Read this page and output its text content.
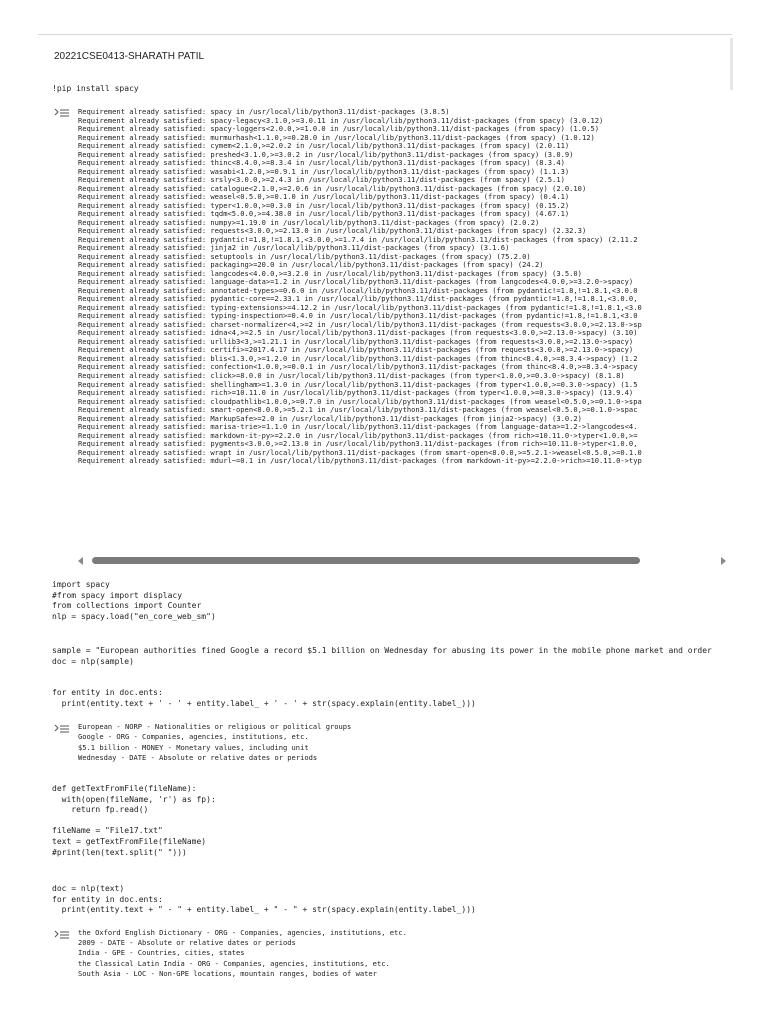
20221CSE0413-SHARATH PATIL
!pip install spacy
Requirement already satisfied: spacy in /usr/local/lib/python3.11/dist-packages (3.8.5)
Requirement already satisfied: spacy-legacy<3.1.0,>=3.0.11 in /usr/local/lib/python3.11/dist-packages (from spacy) (3.0.12)
Requirement already satisfied: spacy-loggers<2.0.0,>=1.0.0 in /usr/local/lib/python3.11/dist-packages (from spacy) (1.0.5)
Requirement already satisfied: murmurhash<1.1.0,>=0.28.0 in /usr/local/lib/python3.11/dist-packages (from spacy) (1.0.12)
Requirement already satisfied: cymem<2.1.0,>=2.0.2 in /usr/local/lib/python3.11/dist-packages (from spacy) (2.0.11)
Requirement already satisfied: preshed<3.1.0,>=3.0.2 in /usr/local/lib/python3.11/dist-packages (from spacy) (3.0.9)
Requirement already satisfied: thinc<8.4.0,>=8.3.4 in /usr/local/lib/python3.11/dist-packages (from spacy) (8.3.4)
Requirement already satisfied: wasabi<1.2.0,>=0.9.1 in /usr/local/lib/python3.11/dist-packages (from spacy) (1.1.3)
Requirement already satisfied: srsly<3.0.0,>=2.4.3 in /usr/local/lib/python3.11/dist-packages (from spacy) (2.5.1)
Requirement already satisfied: catalogue<2.1.0,>=2.0.6 in /usr/local/lib/python3.11/dist-packages (from spacy) (2.0.10)
Requirement already satisfied: weasel<0.5.0,>=0.1.0 in /usr/local/lib/python3.11/dist-packages (from spacy) (0.4.1)
Requirement already satisfied: typer<1.0.0,>=0.3.0 in /usr/local/lib/python3.11/dist-packages (from spacy) (0.15.2)
Requirement already satisfied: tqdm<5.0.0,>=4.38.0 in /usr/local/lib/python3.11/dist-packages (from spacy) (4.67.1)
Requirement already satisfied: numpy>=1.19.0 in /usr/local/lib/python3.11/dist-packages (from spacy) (2.0.2)
Requirement already satisfied: requests<3.0.0,>=2.13.0 in /usr/local/lib/python3.11/dist-packages (from spacy) (2.32.3)
Requirement already satisfied: pydantic!=1.8,!=1.8.1,<3.0.0,>=1.7.4 in /usr/local/lib/python3.11/dist-packages (from spacy) (2.11.2
Requirement already satisfied: jinja2 in /usr/local/lib/python3.11/dist-packages (from spacy) (3.1.6)
Requirement already satisfied: setuptools in /usr/local/lib/python3.11/dist-packages (from spacy) (75.2.0)
Requirement already satisfied: packaging>=20.0 in /usr/local/lib/python3.11/dist-packages (from spacy) (24.2)
Requirement already satisfied: langcodes<4.0.0,>=3.2.0 in /usr/local/lib/python3.11/dist-packages (from spacy) (3.5.0)
Requirement already satisfied: language-data>=1.2 in /usr/local/lib/python3.11/dist-packages (from langcodes<4.0.0,>=3.2.0->spacy)
Requirement already satisfied: annotated-types>=0.6.0 in /usr/local/lib/python3.11/dist-packages (from pydantic!=1.8,!=1.8.1,<3.0.0
Requirement already satisfied: pydantic-core==2.33.1 in /usr/local/lib/python3.11/dist-packages (from pydantic!=1.8,!=1.8.1,<3.0.0,
Requirement already satisfied: typing-extensions>=4.12.2 in /usr/local/lib/python3.11/dist-packages (from pydantic!=1.8,!=1.8.1,<3.0
Requirement already satisfied: typing-inspection>=0.4.0 in /usr/local/lib/python3.11/dist-packages (from pydantic!=1.8,!=1.8.1,<3.0
Requirement already satisfied: charset-normalizer<4,>=2 in /usr/local/lib/python3.11/dist-packages (from requests<3.0.0,>=2.13.0->sp
Requirement already satisfied: idna<4,>=2.5 in /usr/local/lib/python3.11/dist-packages (from requests<3.0.0,>=2.13.0->spacy) (3.10)
Requirement already satisfied: urllib3<3,>=1.21.1 in /usr/local/lib/python3.11/dist-packages (from requests<3.0.0,>=2.13.0->spacy)
Requirement already satisfied: certifi>=2017.4.17 in /usr/local/lib/python3.11/dist-packages (from requests<3.0.0,>=2.13.0->spacy)
Requirement already satisfied: blis<1.3.0,>=1.2.0 in /usr/local/lib/python3.11/dist-packages (from thinc<8.4.0,>=8.3.4->spacy) (1.2
Requirement already satisfied: confection<1.0.0,>=0.0.1 in /usr/local/lib/python3.11/dist-packages (from thinc<8.4.0,>=8.3.4->spacy
Requirement already satisfied: click>=8.0.0 in /usr/local/lib/python3.11/dist-packages (from typer<1.0.0,>=0.3.0->spacy) (8.1.8)
Requirement already satisfied: shellingham>=1.3.0 in /usr/local/lib/python3.11/dist-packages (from typer<1.0.0,>=0.3.0->spacy) (1.5
Requirement already satisfied: rich>=10.11.0 in /usr/local/lib/python3.11/dist-packages (from typer<1.0.0,>=0.3.0->spacy) (13.9.4)
Requirement already satisfied: cloudpathlib<1.0.0,>=0.7.0 in /usr/local/lib/python3.11/dist-packages (from weasel<0.5.0,>=0.1.0->spa
Requirement already satisfied: smart-open<8.0.0,>=5.2.1 in /usr/local/lib/python3.11/dist-packages (from weasel<0.5.0,>=0.1.0->spac
Requirement already satisfied: MarkupSafe>=2.0 in /usr/local/lib/python3.11/dist-packages (from jinja2->spacy) (3.0.2)
Requirement already satisfied: marisa-trie>=1.1.0 in /usr/local/lib/python3.11/dist-packages (from language-data>=1.2->langcodes<4.
Requirement already satisfied: markdown-it-py>=2.2.0 in /usr/local/lib/python3.11/dist-packages (from rich>=10.11.0->typer<1.0.0,>=
Requirement already satisfied: pygments<3.0.0,>=2.13.0 in /usr/local/lib/python3.11/dist-packages (from rich>=10.11.0->typer<1.0.0,
Requirement already satisfied: wrapt in /usr/local/lib/python3.11/dist-packages (from smart-open<8.0.0,>=5.2.1->weasel<0.5.0,>=0.1.0
Requirement already satisfied: mdurl~=0.1 in /usr/local/lib/python3.11/dist-packages (from markdown-it-py>=2.2.0->rich>=10.11.0->typ
import spacy
#from spacy import displacy
from collections import Counter
nlp = spacy.load("en_core_web_sm")
sample = "European authorities fined Google a record $5.1 billion on Wednesday for abusing its power in the mobile phone market and order
doc = nlp(sample)
for entity in doc.ents:
print(entity.text + ' - ' + entity.label_ + ' - ' + str(spacy.explain(entity.label_)))
European - NORP - Nationalities or religious or political groups
Google - ORG - Companies, agencies, institutions, etc.
$5.1 billion - MONEY - Monetary values, including unit
Wednesday - DATE - Absolute or relative dates or periods
def getTextFromFile(fileName):
with(open(fileName, 'r') as fp):
return fp.read()

fileName = "File17.txt"
text = getTextFromFile(fileName)
#print(len(text.split(" ")))
doc = nlp(text)
for entity in doc.ents:
print(entity.text + " - " + entity.label_ + " - " + str(spacy.explain(entity.label_)))
the Oxford English Dictionary - ORG - Companies, agencies, institutions, etc.
2009 - DATE - Absolute or relative dates or periods
India - GPE - Countries, cities, states
the Classical Latin India - ORG - Companies, agencies, institutions, etc.
South Asia - LOC - Non-GPE locations, mountain ranges, bodies of water
